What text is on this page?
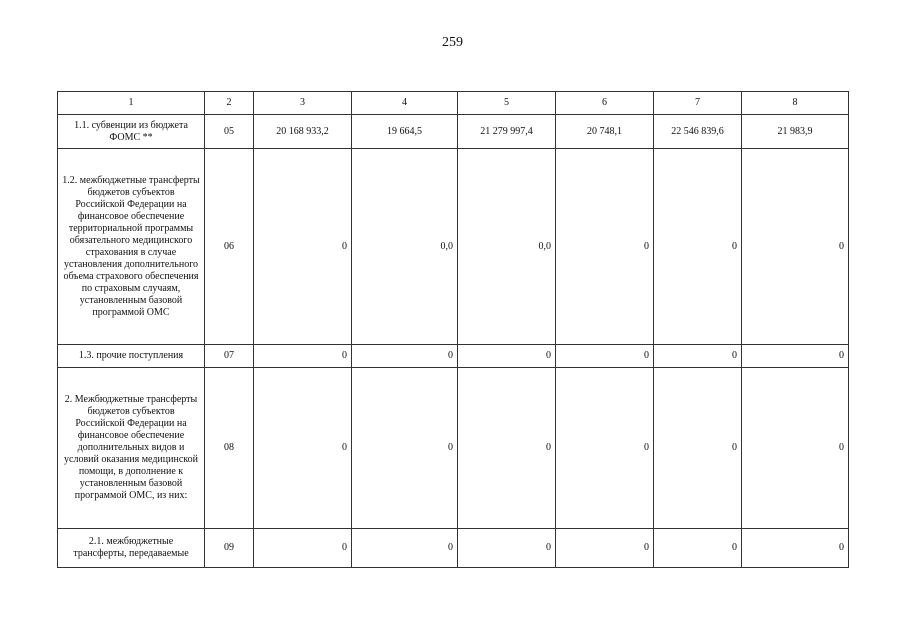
259
1	2	3	4	5	6	7	8
1.1. субвенции из бюджета ФОМС **	05	20 168 933,2	19 664,5	21 279 997,4	20 748,1	22 546 839,6	21 983,9
1.2. межбюджетные трансферты бюджетов субъектов Российской Федерации на финансовое обеспечение территориальной программы обязательного медицинского страхования в случае установления дополнительного объема страхового обеспечения по страховым случаям, установленным базовой программой ОМС	06	0	0,0	0,0	0	0	0
1.3. прочие поступления	07	0	0	0	0	0	0
2. Межбюджетные трансферты бюджетов субъектов Российской Федерации на финансовое обеспечение дополнительных видов и условий оказания медицинской помощи, в дополнение к установленным базовой программой ОМС, из них:	08	0	0	0	0	0	0
2.1. межбюджетные трансферты, передаваемые	09	0	0	0	0	0	0
